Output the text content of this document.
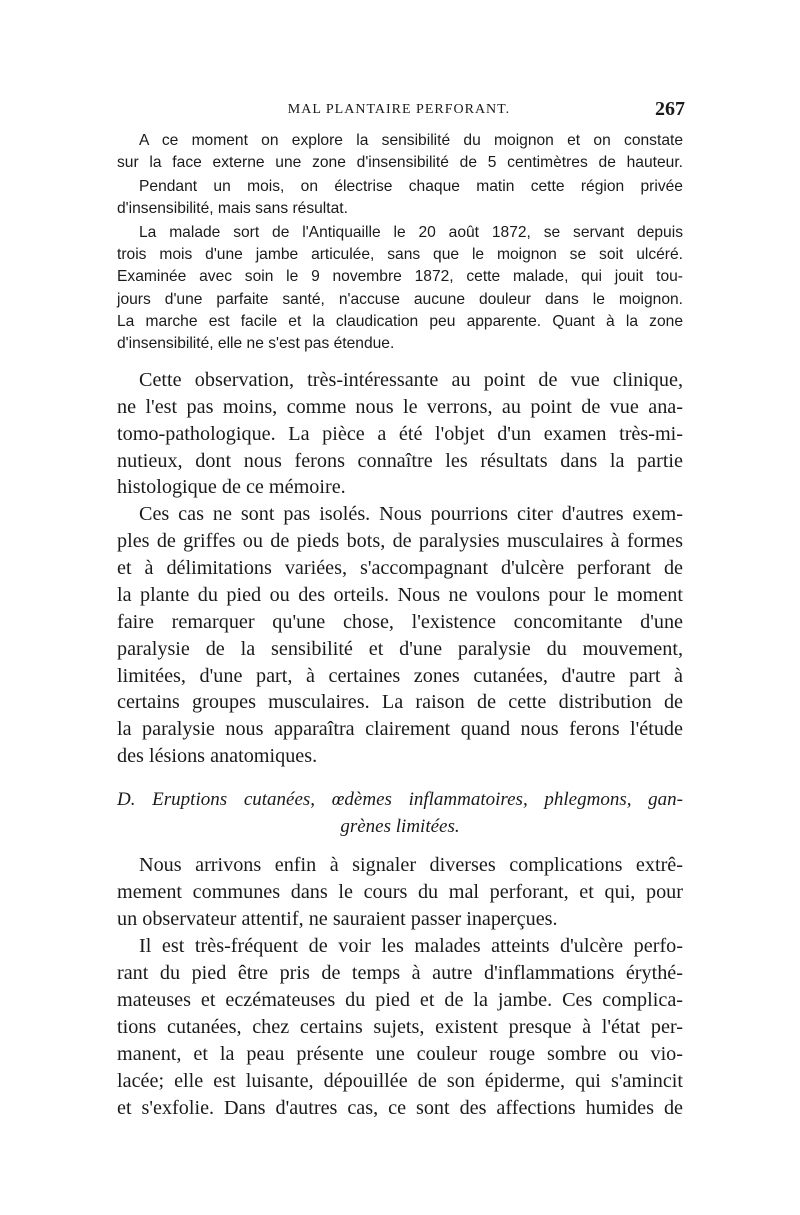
MAL PLANTAIRE PERFORANT.	267
A ce moment on explore la sensibilité du moignon et on constate
sur la face externe une zone d'insensibilité de 5 centimètres de hauteur.
Pendant un mois, on électrise chaque matin cette région privée
d'insensibilité, mais sans résultat.
La malade sort de l'Antiquaille le 20 août 1872, se servant depuis
trois mois d'une jambe articulée, sans que le moignon se soit ulcéré.
Examinée avec soin le 9 novembre 1872, cette malade, qui jouit tou-
jours d'une parfaite santé, n'accuse aucune douleur dans le moignon.
La marche est facile et la claudication peu apparente. Quant à la zone
d'insensibilité, elle ne s'est pas étendue.
Cette observation, très-intéressante au point de vue clinique,
ne l'est pas moins, comme nous le verrons, au point de vue ana-
tomo-pathologique. La pièce a été l'objet d'un examen très-mi-
nutieux, dont nous ferons connaître les résultats dans la partie
histologique de ce mémoire.
Ces cas ne sont pas isolés. Nous pourrions citer d'autres exem-
ples de griffes ou de pieds bots, de paralysies musculaires à formes
et à délimitations variées, s'accompagnant d'ulcère perforant de
la plante du pied ou des orteils. Nous ne voulons pour le moment
faire remarquer qu'une chose, l'existence concomitante d'une
paralysie de la sensibilité et d'une paralysie du mouvement,
limitées, d'une part, à certaines zones cutanées, d'autre part à
certains groupes musculaires. La raison de cette distribution de
la paralysie nous apparaîtra clairement quand nous ferons l'étude
des lésions anatomiques.
D. Eruptions cutanées, œdèmes inflammatoires, phlegmons, gan-
grènes limitées.
Nous arrivons enfin à signaler diverses complications extrê-
mement communes dans le cours du mal perforant, et qui, pour
un observateur attentif, ne sauraient passer inaperçues.
Il est très-fréquent de voir les malades atteints d'ulcère perfo-
rant du pied être pris de temps à autre d'inflammations érythé-
mateuses et eczémateuses du pied et de la jambe. Ces complica-
tions cutanées, chez certains sujets, existent presque à l'état per-
manent, et la peau présente une couleur rouge sombre ou vio-
lacée; elle est luisante, dépouillée de son épiderme, qui s'amincit
et s'exfolie. Dans d'autres cas, ce sont des affections humides de
